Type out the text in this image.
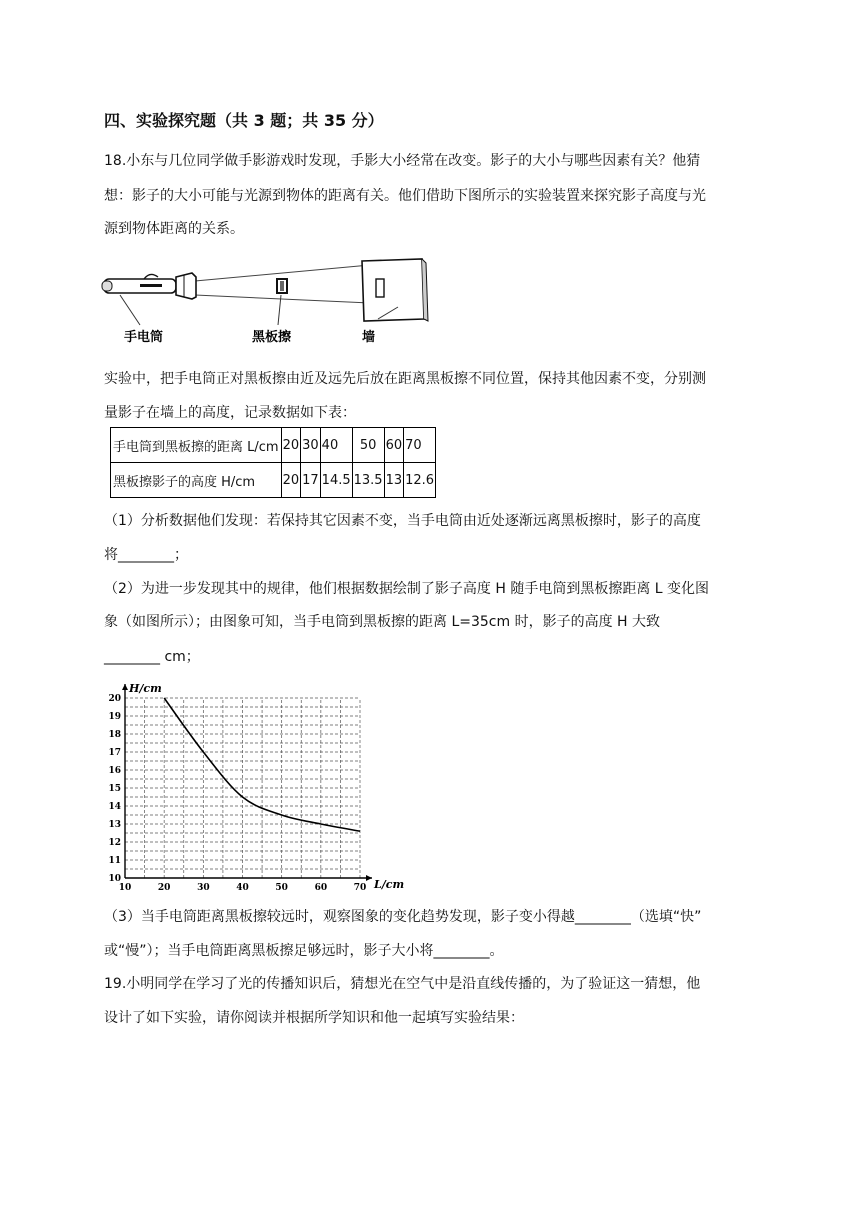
四、实验探究题（共 3 题；共 35 分）
18.小东与几位同学做手影游戏时发现，手影大小经常在改变。影子的大小与哪些因素有关？他猜
想：影子的大小可能与光源到物体的距离有关。他们借助下图所示的实验装置来探究影子高度与光
源到物体距离的关系。
手电筒	黑板擦	墙
实验中，把手电筒正对黑板擦由近及远先后放在距离黑板擦不同位置，保持其他因素不变，分别测
量影子在墙上的高度，记录数据如下表：
手电筒到黑板擦的距离 L/cm	20	30	40	50	60	70
黑板擦影子的高度 H/cm	20	17	14.5	13.5	13	12.6
（1）分析数据他们发现：若保持其它因素不变，当手电筒由近处逐渐远离黑板擦时，影子的高度
将________；
（2）为进一步发现其中的规律，他们根据数据绘制了影子高度 H 随手电筒到黑板擦距离 L 变化图
象（如图所示）；由图象可知，当手电筒到黑板擦的距离 L=35cm 时，影子的高度 H 大致
________ cm；
10	20	30	40	50	60	70
10
11
12
13
14
15
16
17
18
19
20
L/cm
H/cm
（3）当手电筒距离黑板擦较远时，观察图象的变化趋势发现，影子变小得越________（选填“快”
或“慢”）；当手电筒距离黑板擦足够远时，影子大小将________。
19.小明同学在学习了光的传播知识后，猜想光在空气中是沿直线传播的，为了验证这一猜想，他
设计了如下实验，请你阅读并根据所学知识和他一起填写实验结果：
